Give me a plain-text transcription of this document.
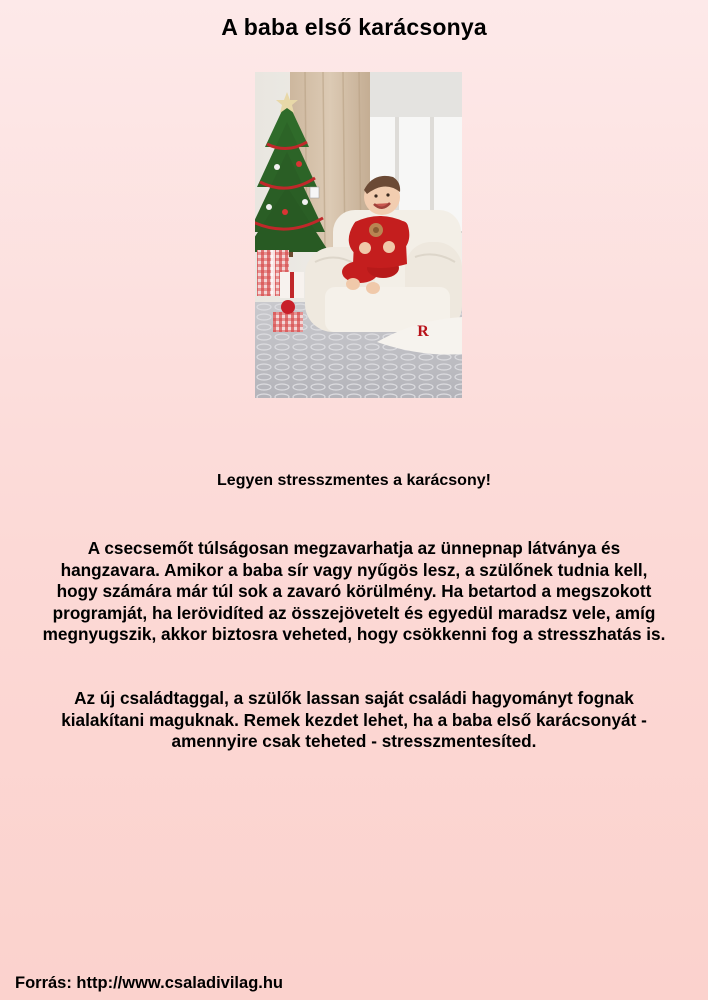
A baba első karácsonya
R
Legyen stresszmentes a karácsony!

A csecsemőt túlságosan megzavarhatja az ünnepnap látványa és hangzavara. Amikor a baba sír vagy nyűgös lesz, a szülőnek tudnia kell, hogy számára már túl sok a zavaró körülmény. Ha betartod a megszokott programját, ha lerövidíted az összejövetelt és egyedül maradsz vele, amíg megnyugszik, akkor biztosra veheted, hogy csökkenni fog a stresszhatás is.

Az új családtaggal, a szülők lassan saját családi hagyományt fognak kialakítani maguknak. Remek kezdet lehet, ha a baba első karácsonyát - amennyire csak teheted - stresszmentesíted.

Forrás: http://www.csaladivilag.hu
